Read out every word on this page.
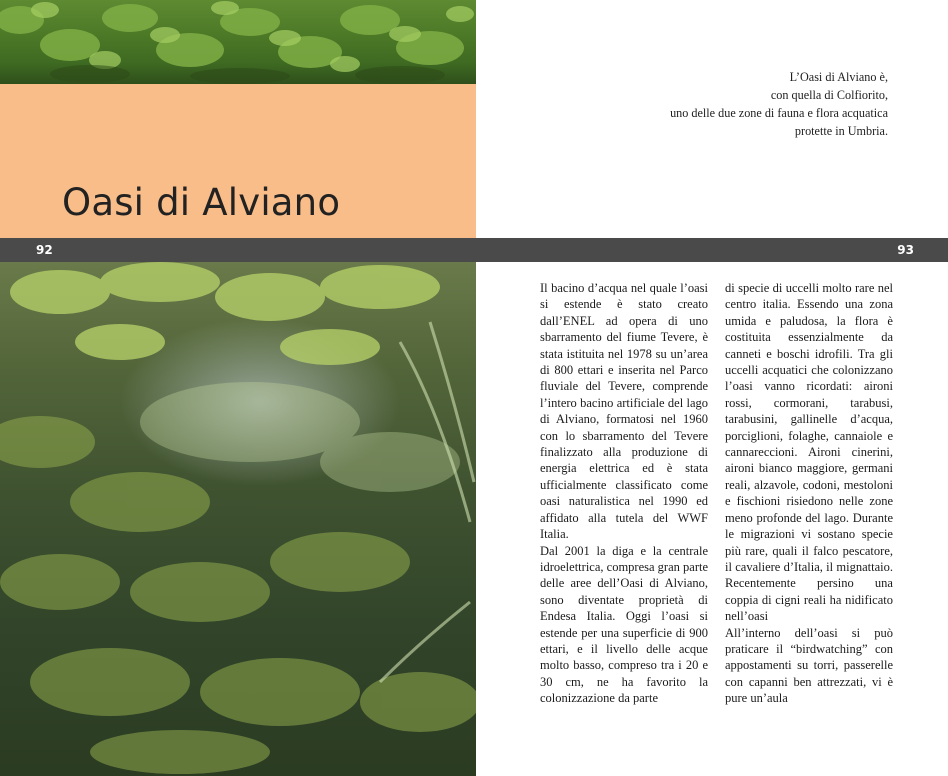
Oasi di Alviano
92	93

L’Oasi di Alviano è,
con quella di Colfiorito,
uno delle due zone di fauna e flora acquatica
protette in Umbria.

Il bacino d’acqua nel quale l’oasi si estende è stato creato dall’ENEL ad opera di uno sbarramento del fiume Tevere, è stata istituita nel 1978 su un’area di 800 ettari e inserita nel Parco fluviale del Tevere, comprende l’intero bacino artificiale del lago di Alviano, formatosi nel 1960 con lo sbarramento del Tevere finalizzato alla produzione di energia elettrica ed è stata ufficialmente classificato come oasi naturalistica nel 1990 ed affidato alla tutela del WWF Italia.

Dal 2001 la diga e la centrale idroelettrica, compresa gran parte delle aree dell’Oasi di Alviano, sono diventate proprietà di Endesa Italia. Oggi l’oasi si estende per una superficie di 900 ettari, e il livello delle acque molto basso, compreso tra i 20 e 30 cm, ne ha favorito la colonizzazione da parte

di specie di uccelli molto rare nel centro italia. Essendo una zona umida e paludosa, la flora è costituita essenzialmente da canneti e boschi idrofili. Tra gli uccelli acquatici che colonizzano l’oasi vanno ricordati: aironi rossi, cormorani, tarabusi, tarabusini, gallinelle d’acqua, porciglioni, folaghe, cannaiole e cannareccioni. Aironi cinerini, aironi bianco maggiore, germani reali, alzavole, codoni, mestoloni e fischioni risiedono nelle zone meno profonde del lago. Durante le migrazioni vi sostano specie più rare, quali il falco pescatore, il cavaliere d’Italia, il mignattaio. Recentemente persino una coppia di cigni reali ha nidificato nell’oasi

All’interno dell’oasi si può praticare il “birdwatching” con appostamenti su torri, passerelle con capanni ben attrezzati, vi è pure un’aula
